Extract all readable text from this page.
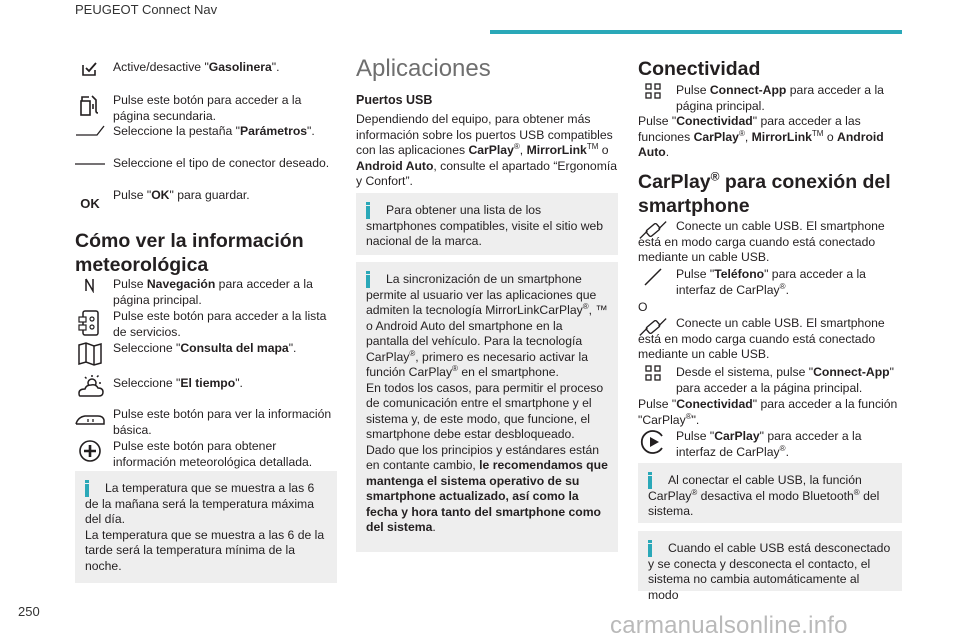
PEUGEOT Connect Nav
Active/desactive "Gasolinera".
Pulse este botón para acceder a la página secundaria.
Seleccione la pestaña "Parámetros".
Seleccione el tipo de conector deseado.
OK
Pulse "OK" para guardar.
Cómo ver la información meteorológica
Pulse Navegación para acceder a la página principal.
Pulse este botón para acceder a la lista de servicios.
Seleccione "Consulta del mapa".
Seleccione "El tiempo".
Pulse este botón para ver la información básica.
Pulse este botón para obtener información meteorológica detallada.

La temperatura que se muestra a las 6 de la mañana será la temperatura máxima del día.
La temperatura que se muestra a las 6 de la tarde será la temperatura mínima de la noche.

Aplicaciones
Puertos USB
Dependiendo del equipo, para obtener más información sobre los puertos USB compatibles con las aplicaciones CarPlay®, MirrorLink™ o Android Auto, consulte el apartado “Ergonomía y Confort”.

Para obtener una lista de los smartphones compatibles, visite el sitio web nacional de la marca.

La sincronización de un smartphone permite al usuario ver las aplicaciones que admiten la tecnología MirrorLinkCarPlay®, ™ o Android Auto del smartphone en la pantalla del vehículo. Para la tecnología CarPlay®, primero es necesario activar la función CarPlay® en el smartphone.

En todos los casos, para permitir el proceso de comunicación entre el smartphone y el sistema y, de este modo, que funcione, el smartphone debe estar desbloqueado.
Dado que los principios y estándares están en contante cambio, le recomendamos que mantenga el sistema operativo de su smartphone actualizado, así como la fecha y hora tanto del smartphone como del sistema.
Conectividad
Pulse Connect-App para acceder a la página principal.
Pulse "Conectividad" para acceder a las funciones CarPlay®, MirrorLink™ o Android Auto.
CarPlay® para conexión del smartphone
Conecte un cable USB. El smartphone está en modo carga cuando está conectado mediante un cable USB.
Pulse "Teléfono" para acceder a la interfaz de CarPlay®.
O
Conecte un cable USB. El smartphone está en modo carga cuando está conectado mediante un cable USB.
Desde el sistema, pulse "Connect-App" para acceder a la página principal.
Pulse "Conectividad" para acceder a la función "CarPlay®".
Pulse "CarPlay" para acceder a la interfaz de CarPlay®.

Al conectar el cable USB, la función CarPlay® desactiva el modo Bluetooth® del sistema.

Cuando el cable USB está desconectado y se conecta y desconecta el contacto, el sistema no cambia automáticamente al modo

250
carmanualsonline.info
